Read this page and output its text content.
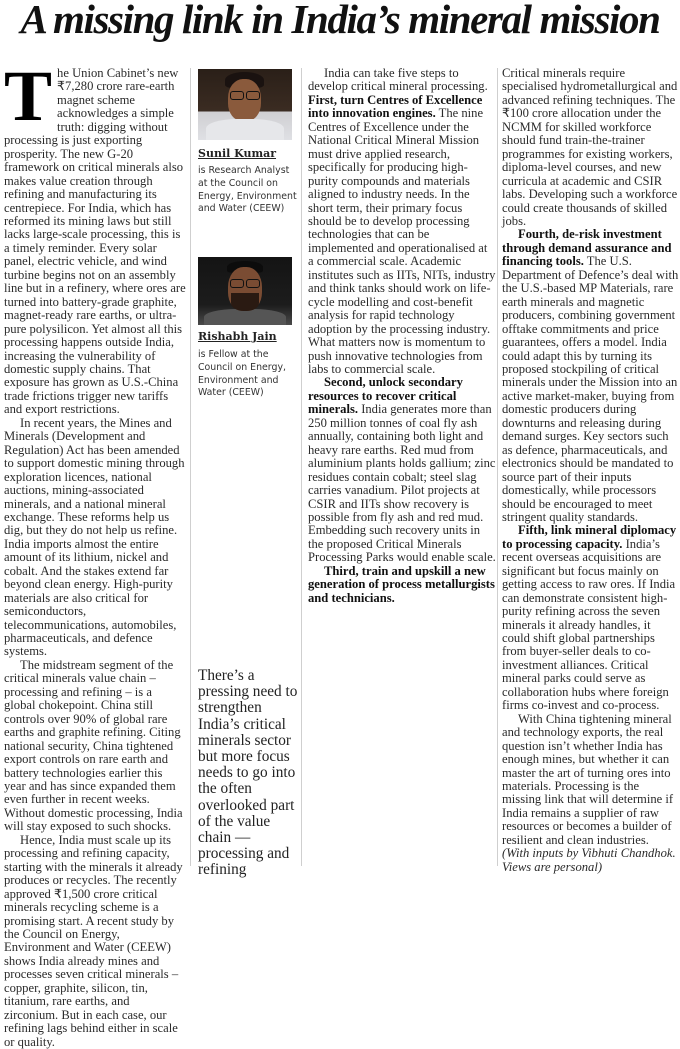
A missing link in India’s mineral mission

The Union Cabinet’s new ₹7,280 crore rare-earth magnet scheme acknowledges a simple truth: digging without processing is just exporting prosperity. The new G-20 framework on critical minerals also makes value creation through refining and manufacturing its centrepiece. For India, which has reformed its mining laws but still lacks large-scale processing, this is a timely reminder. Every solar panel, electric vehicle, and wind turbine begins not on an assembly line but in a refinery, where ores are turned into battery-grade graphite, magnet-ready rare earths, or ultra-pure polysilicon. Yet almost all this processing happens outside India, increasing the vulnerability of domestic supply chains. That exposure has grown as U.S.-China trade frictions trigger new tariffs and export restrictions.

In recent years, the Mines and Minerals (Development and Regulation) Act has been amended to support domestic mining through exploration licences, national auctions, mining-associated minerals, and a national mineral exchange. These reforms help us dig, but they do not help us refine. India imports almost the entire amount of its lithium, nickel and cobalt. And the stakes extend far beyond clean energy. High-purity materials are also critical for semiconductors, telecommunications, automobiles, pharmaceuticals, and defence systems.

The midstream segment of the critical minerals value chain – processing and refining – is a global chokepoint. China still controls over 90% of global rare earths and graphite refining. Citing national security, China tightened export controls on rare earth and battery technologies earlier this year and has since expanded them even further in recent weeks. Without domestic processing, India will stay exposed to such shocks.

Hence, India must scale up its processing and refining capacity, starting with the minerals it already produces or recycles. The recently approved ₹1,500 crore critical minerals recycling scheme is a promising start. A recent study by the Council on Energy, Environment and Water (CEEW) shows India already mines and processes seven critical minerals – copper, graphite, silicon, tin, titanium, rare earths, and zirconium. But in each case, our refining lags behind either in scale or quality.

Sunil Kumar
is Research Analyst at the Council on Energy, Environment and Water (CEEW)
Rishabh Jain
is Fellow at the Council on Energy, Environment and Water (CEEW)
There’s a pressing need to strengthen India’s critical minerals sector but more focus needs to go into the often overlooked part of the value chain — processing and refining

India can take five steps to develop critical mineral processing. First, turn Centres of Excellence into innovation engines. The nine Centres of Excellence under the National Critical Mineral Mission must drive applied research, specifically for producing high-purity compounds and materials aligned to industry needs. In the short term, their primary focus should be to develop processing technologies that can be implemented and operationalised at a commercial scale. Academic institutes such as IITs, NITs, industry and think tanks should work on life-cycle modelling and cost-benefit analysis for rapid technology adoption by the processing industry. What matters now is momentum to push innovative technologies from labs to commercial scale.

Second, unlock secondary resources to recover critical minerals. India generates more than 250 million tonnes of coal fly ash annually, containing both light and heavy rare earths. Red mud from aluminium plants holds gallium; zinc residues contain cobalt; steel slag carries vanadium. Pilot projects at CSIR and IITs show recovery is possible from fly ash and red mud. Embedding such recovery units in the proposed Critical Minerals Processing Parks would enable scale.

Third, train and upskill a new generation of process metallurgists and technicians.

Critical minerals require specialised hydrometallurgical and advanced refining techniques. The ₹100 crore allocation under the NCMM for skilled workforce should fund train-the-trainer programmes for existing workers, diploma-level courses, and new curricula at academic and CSIR labs. Developing such a workforce could create thousands of skilled jobs.

Fourth, de-risk investment through demand assurance and financing tools. The U.S. Department of Defence’s deal with the U.S.-based MP Materials, rare earth minerals and magnetic producers, combining government offtake commitments and price guarantees, offers a model. India could adapt this by turning its proposed stockpiling of critical minerals under the Mission into an active market-maker, buying from domestic producers during downturns and releasing during demand surges. Key sectors such as defence, pharmaceuticals, and electronics should be mandated to source part of their inputs domestically, while processors should be encouraged to meet stringent quality standards.

Fifth, link mineral diplomacy to processing capacity. India’s recent overseas acquisitions are significant but focus mainly on getting access to raw ores. If India can demonstrate consistent high-purity refining across the seven minerals it already handles, it could shift global partnerships from buyer-seller deals to co-investment alliances. Critical mineral parks could serve as collaboration hubs where foreign firms co-invest and co-process.

With China tightening mineral and technology exports, the real question isn’t whether India has enough mines, but whether it can master the art of turning ores into materials. Processing is the missing link that will determine if India remains a supplier of raw resources or becomes a builder of resilient and clean industries.

(With inputs by Vibhuti Chandhok. Views are personal)
